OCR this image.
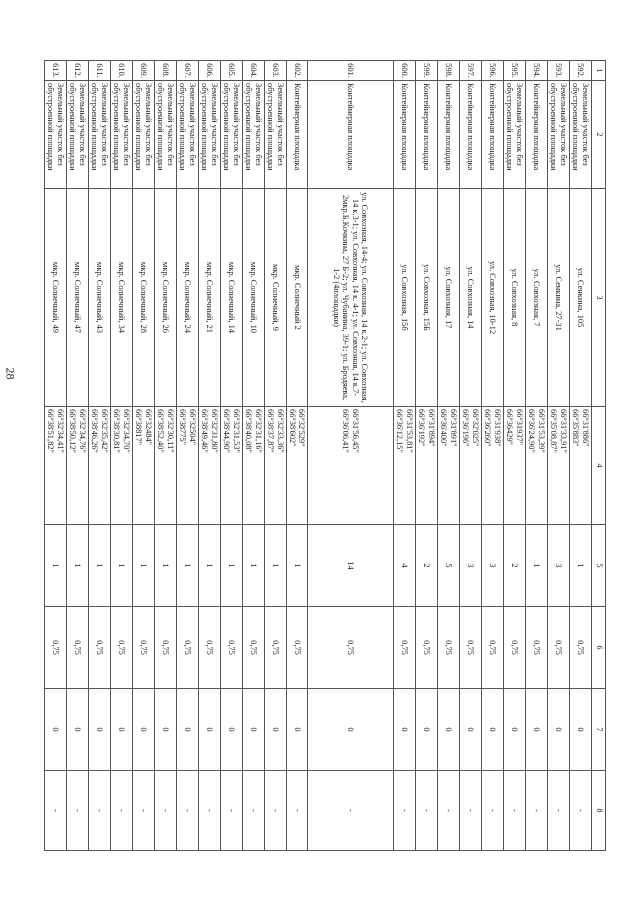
28
1	2	3	4	5	6	7	8
592.	Земельный участок без обустроенной площадки	ул. Сенкина, 105	66°31'886"
66°35'883"	1	0,75	0	-
593.	Земельный участок без обустроенной площадки	ул. Сенкина, 27-31	66°31'33,91"
66°35'08,87"	3	0,75	0	-
594.	Контейнерная площадка	ул. Совхозная, 7	66°31'53,39"
66°36'24,90"	1	0,75	0	-
595.	Земельный участок без обустроенной площадки	ул. Совхозная, 8	66°31937"
66°36429"	2	0,75	0	-
596.	Контейнерная площадка	ул. Совхозная, 10-12	66°31'938"
66°36'260"	3	0,75	0	-
597.	Контейнерная площадка	ул. Совхозная, 14	66°32'025"
66°36'196"	3	0,75	0	-
598.	Контейнерная площадка	ул. Совхозная, 17	66°31'891"
66°36'400"	5	0,75	0	-
599.	Контейнерная площадка	ул. Совхозная, 15Б	66°31'894"
66°36'192"	2	0,75	0	-
600.	Контейнерная площадка	ул. Совхозная, 15б	66°31'53,81"
66°36'12,15"	4	0,75	0	-
601.	Контейнерная площадка	ул. Совхозная, 14-4; ул. Совхозная, 14 к.2-1; ул. Совхозная, 14 к.3-1; ул. Совхозная, 14 к. 4-1; ул. Совхозная, 14 к.7-2мкр.Б.Кочкина, 27 Б-2; ул. Чубанина, 39-1; ул. Бродяева, 1-2 (4площадки)	66°31'56,45"
66°36'06,41"	14	0,75	0	-
602.	Контейнерная площадка	мкр. Солнечный 2	66°32'529"
66°38'602"	1	0,75	0	-
603.	Земельный участок без обустроенной площадки	мкр. Солнечный, 9	66°32'33,36"
66°38'37,87"	1	0,75	0	-
604.	Земельный участок без обустроенной площадки	мкр. Солнечный, 10	66°32'31,16"
66°38'40,08"	1	0,75	0	-
605.	Земельный участок без обустроенной площадки	мкр. Солнечный, 14	66°32'31,53"
66°38'44,90"	1	0,75	0	-
606.	Земельный участок без обустроенной площадки	мкр. Солнечный, 21	66°32'31,80"
66°38'49,46"	1	0,75	0	-
607.	Земельный участок без обустроенной площадки	мкр. Солнечный, 24	66°32504"
66°38775"	1	0,75	0	-
608.	Земельный участок без обустроенной площадки	мкр. Солнечный, 26	66°32'30,11"
66°38'52,40"	1	0,75	0	-
609.	Земельный участок без обустроенной площадки	мкр. Солнечный, 28	66°32484"
66°38817"	1	0,75	0	-
610.	Земельный участок без обустроенной площадки	мкр. Солнечный, 34	66°32'34,70"
66°38'30,81"	1	0,75	0	-
611.	Земельный участок без обустроенной площадки	мкр. Солнечный, 43	66°32'35,42"
66°38'46,26"	1	0,75	0	-
612.	Земельный участок без обустроенной площадки	мкр. Солнечный, 47	66°32'34,76"
66°38'50,12"	1	0,75	0	-
613.	Земельный участок без обустроенной площадки	мкр. Солнечный, 49	66°32'34,41"
66°38'51,82"	1	0,75	0	-
